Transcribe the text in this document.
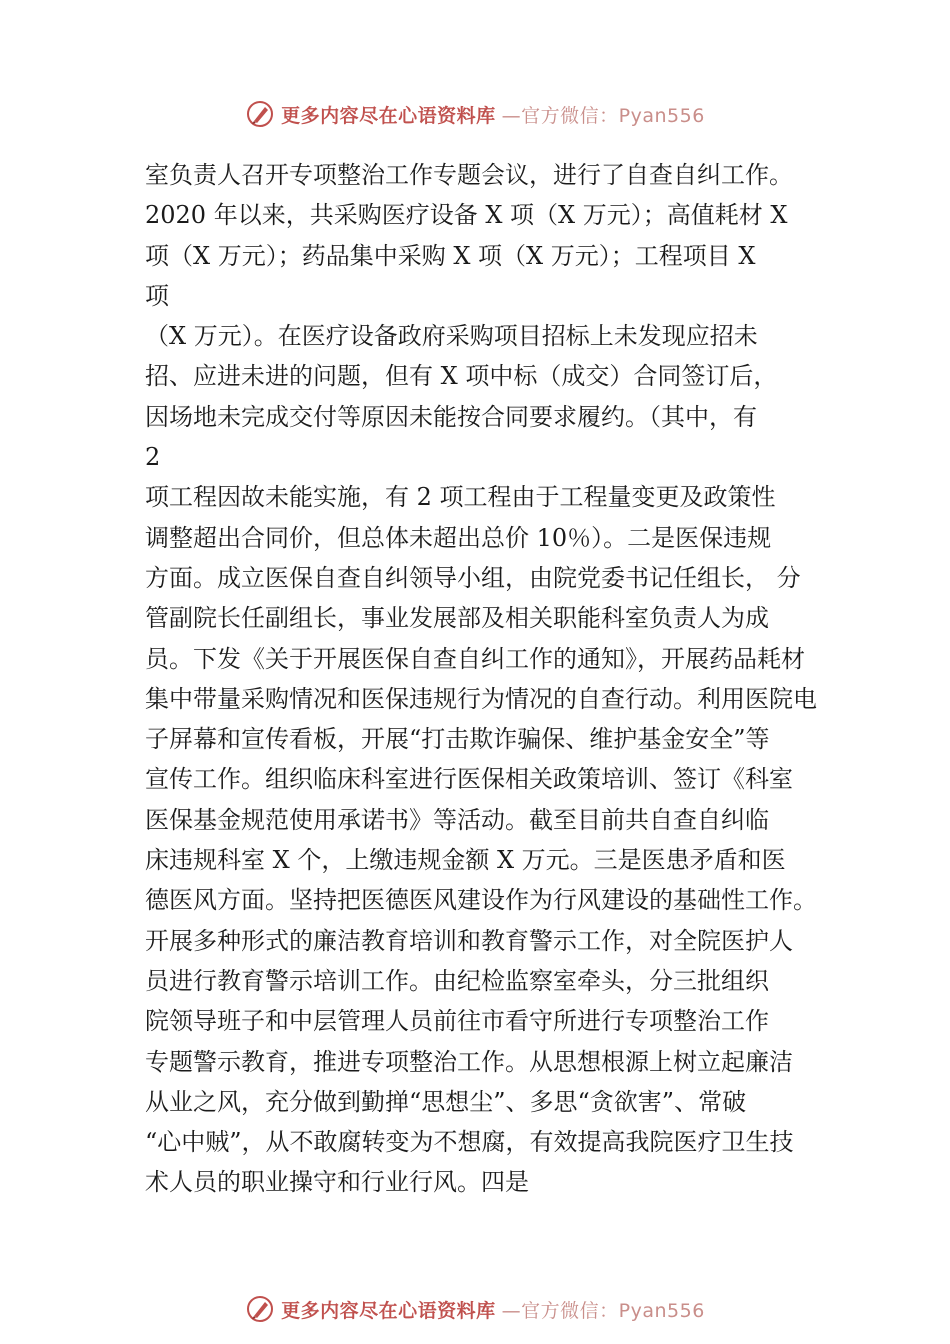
更多内容尽在心语资料库 —官方微信：Pyan556
室负责人召开专项整治工作专题会议，进行了自查自纠工作。
2020 年以来，共采购医疗设备 X 项（X 万元）；高值耗材 X
项（X 万元）；药品集中采购 X 项（X 万元）；工程项目 X
项
（X 万元）。在医疗设备政府采购项目招标上未发现应招未
招、应进未进的问题，但有 X 项中标（成交）合同签订后，
因场地未完成交付等原因未能按合同要求履约。（其中，有
2
项工程因故未能实施，有 2 项工程由于工程量变更及政策性
调整超出合同价，但总体未超出总价 10％）。二是医保违规
方面。成立医保自查自纠领导小组，由院党委书记任组长， 分
管副院长任副组长，事业发展部及相关职能科室负责人为成
员。下发《关于开展医保自查自纠工作的通知》，开展药品耗材
集中带量采购情况和医保违规行为情况的自查行动。利用医院电
子屏幕和宣传看板，开展“打击欺诈骗保、维护基金安全”等
宣传工作。组织临床科室进行医保相关政策培训、签订《科室
医保基金规范使用承诺书》等活动。截至目前共自查自纠临
床违规科室 X 个，上缴违规金额 X 万元。三是医患矛盾和医
德医风方面。坚持把医德医风建设作为行风建设的基础性工作。
开展多种形式的廉洁教育培训和教育警示工作，对全院医护人
员进行教育警示培训工作。由纪检监察室牵头，分三批组织
院领导班子和中层管理人员前往市看守所进行专项整治工作
专题警示教育，推进专项整治工作。从思想根源上树立起廉洁
从业之风，充分做到勤掸“思想尘”、多思“贪欲害”、常破
“心中贼”，从不敢腐转变为不想腐，有效提高我院医疗卫生技
术人员的职业操守和行业行风。四是
更多内容尽在心语资料库 —官方微信：Pyan556
